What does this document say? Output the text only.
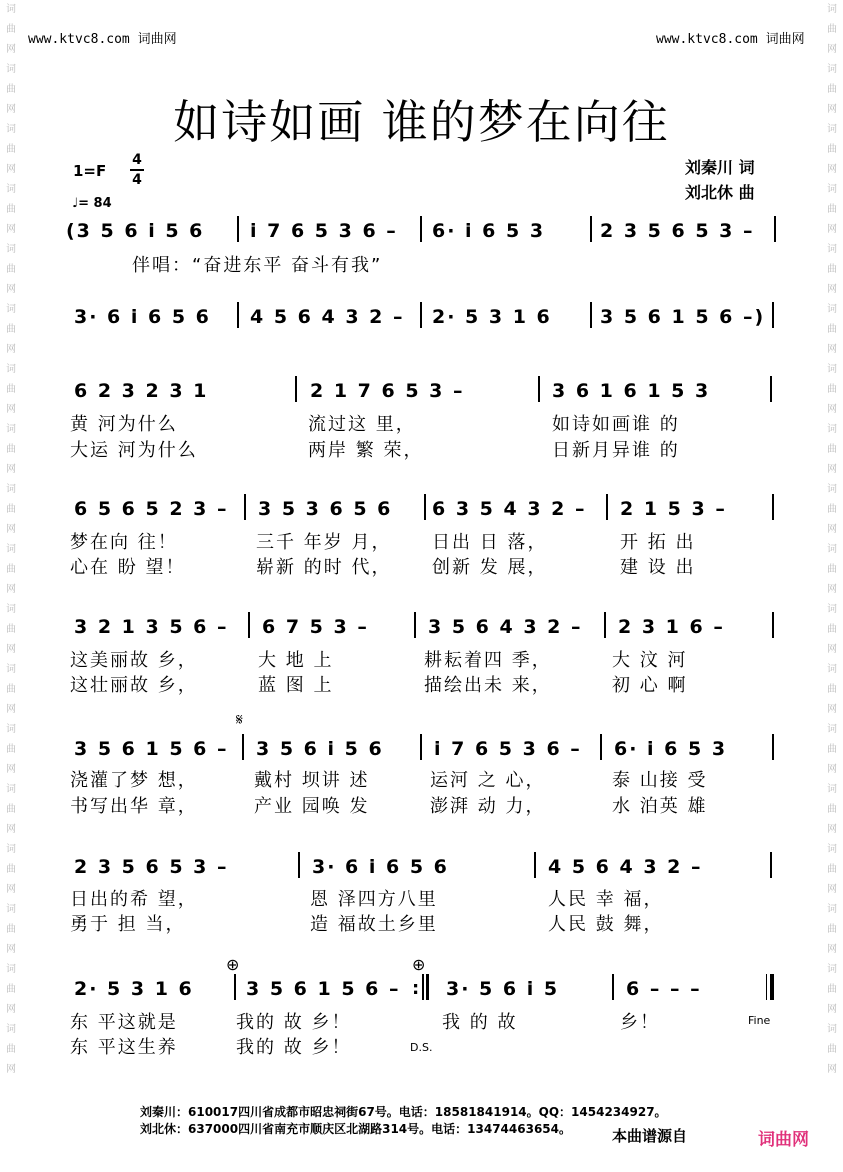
www.ktvc8.com 词曲网	www.ktvc8.com 词曲网
词曲网词曲网词曲网词曲网词曲网词曲网词曲网词曲网词曲网词曲网词曲网词曲网词曲网词曲网词曲网词曲网词曲网词曲网
词曲网词曲网词曲网词曲网词曲网词曲网词曲网词曲网词曲网词曲网词曲网词曲网词曲网词曲网词曲网词曲网词曲网词曲网
如诗如画 谁的梦在向往
1=F
4
4
♩= 84
刘秦川 词
刘北休 曲
(3 5 6 i 5 6 i 7 6 5 3 6 – 6· i 6 5 3	2 3 5 6 5 3 –
伴唱：“奋进东平 奋斗有我”
3· 6 i 6 5 6 4 5 6 4 3 2 – 2· 5 3 1 6	3 5 6 1 5 6 –)
6 2 3 2 3 1	2 1 7 6 5 3 –	3 6 1 6 1 5 3
黄 河为什么	流过这 里，	如诗如画谁 的
大运 河为什么	两岸 繁 荣，	日新月异谁 的
6 5 6 5 2 3 – 3 5 3 6 5 6 6 3 5 4 3 2 – 2 1 5 3 –
梦在向 往！	三千 年岁 月， 日出 日 落，	开 拓 出
心在 盼 望！	崭新 的时 代， 创新 发 展，	建 设 出
3 2 1 3 5 6 – 6 7 5 3 –	3 5 6 4 3 2 – 2 3 1 6 –
这美丽故 乡，	大 地 上	耕耘着四 季，	大 汶 河
这壮丽故 乡，	蓝 图 上	描绘出未 来，	初 心 啊
𝄋
3 5 6 1 5 6 – 3 5 6 i 5 6	i 7 6 5 3 6 – 6· i 6 5 3
浇灌了梦 想，	戴村 坝讲 述	运河 之 心，	泰 山接 受
书写出华 章，	产业 园唤 发	澎湃 动 力，	水 泊英 雄
2 3 5 6 5 3 –	3· 6 i 6 5 6	4 5 6 4 3 2 –
日出的希 望，	恩 泽四方八里	人民 幸 福，
勇于 担 当，	造 福故土乡里	人民 鼓 舞，
⊕	⊕
2· 5 3 1 6	3 5 6 1 5 6 – 3· 5 6 i 5	6 – – –
:
东 平这就是	我的 故 乡！	我 的 故	乡！	Fine
东 平这生养	我的 故 乡！	D.S.
刘秦川：610017四川省成都市昭忠祠街67号。电话：18581841914。QQ：1454234927。
刘北休：637000四川省南充市顺庆区北湖路314号。电话：13474463654。	本曲谱源自	词曲网
